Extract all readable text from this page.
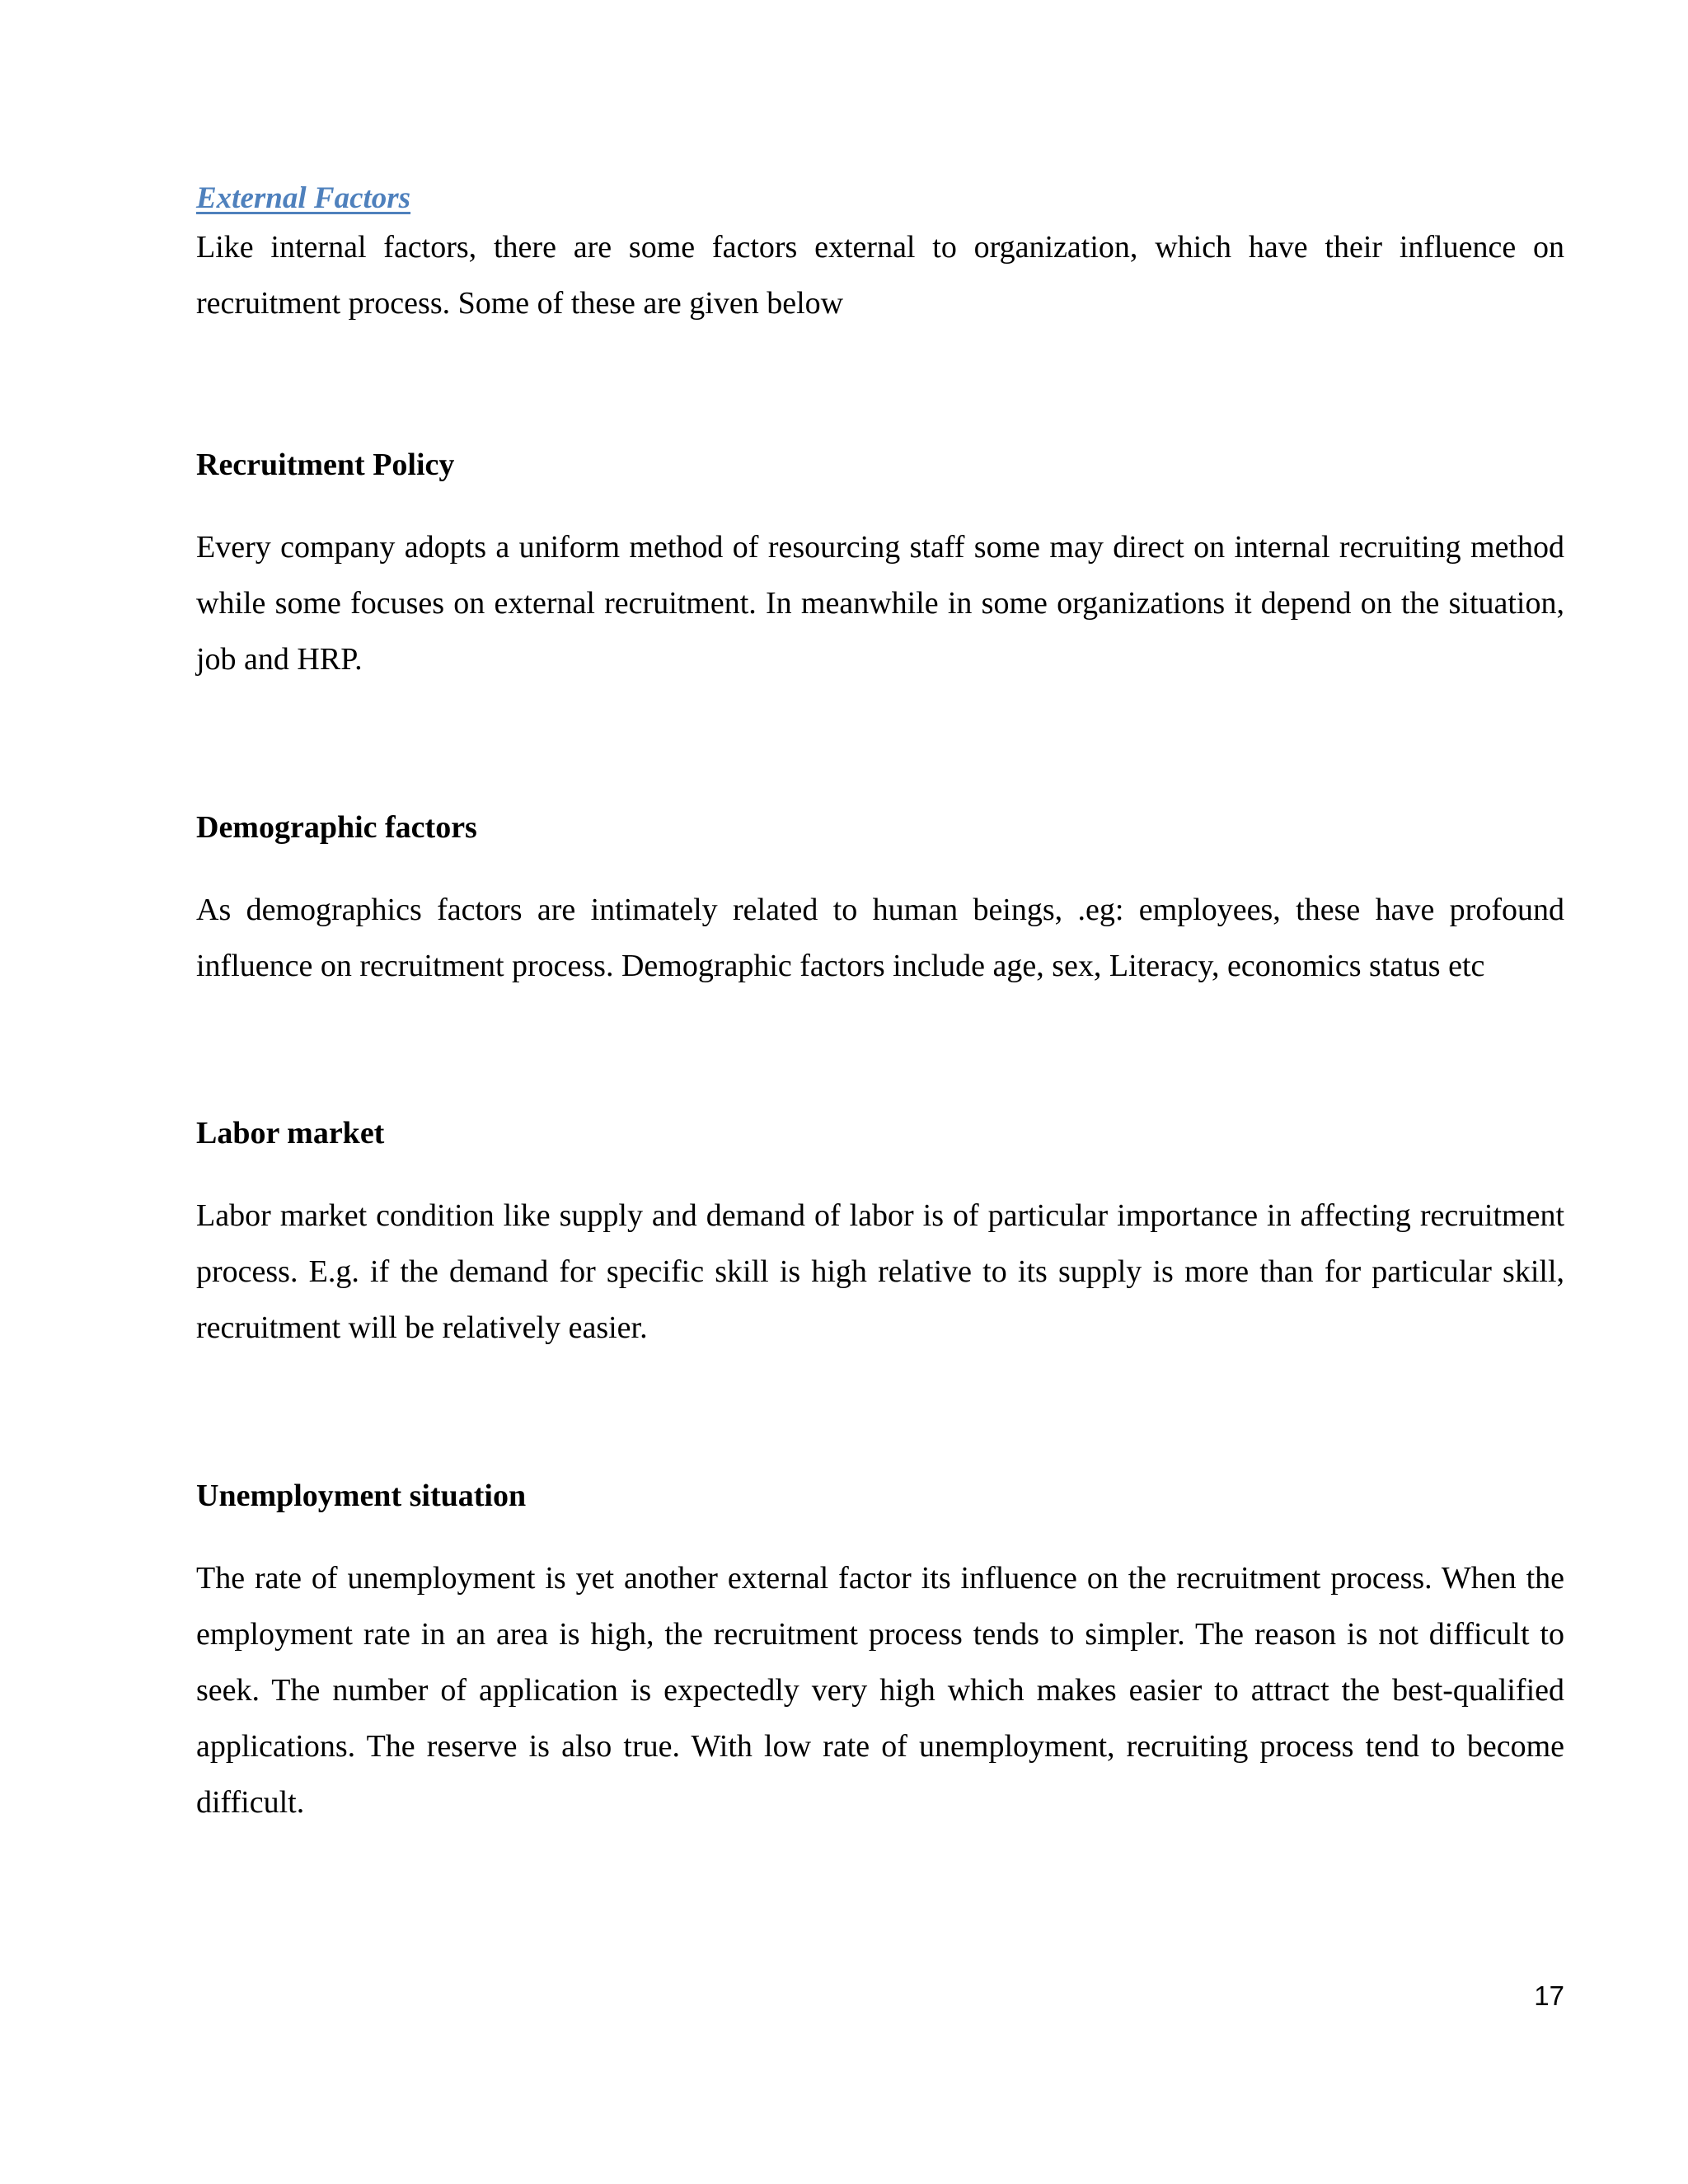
External Factors

Like internal factors, there are some factors external to organization, which have their influence on recruitment process. Some of these are given below

Recruitment Policy

Every company adopts a uniform method of resourcing staff some may direct on internal recruiting method while some focuses on external recruitment. In meanwhile in some organizations it depend on the situation, job and HRP.

Demographic factors

As demographics factors are intimately related to human beings, .eg: employees, these have profound influence on recruitment process. Demographic factors include age, sex, Literacy, economics status etc

Labor market

Labor market condition like supply and demand of labor is of particular importance in affecting recruitment process. E.g. if the demand for specific skill is high relative to its supply is more than for particular skill, recruitment will be relatively easier.

Unemployment situation

The rate of unemployment is yet another external factor its influence on the recruitment process. When the employment rate in an area is high, the recruitment process tends to simpler. The reason is not difficult to seek. The number of application is expectedly very high which makes easier to attract the best-qualified applications. The reserve is also true. With low rate of unemployment, recruiting process tend to become difficult.

17
